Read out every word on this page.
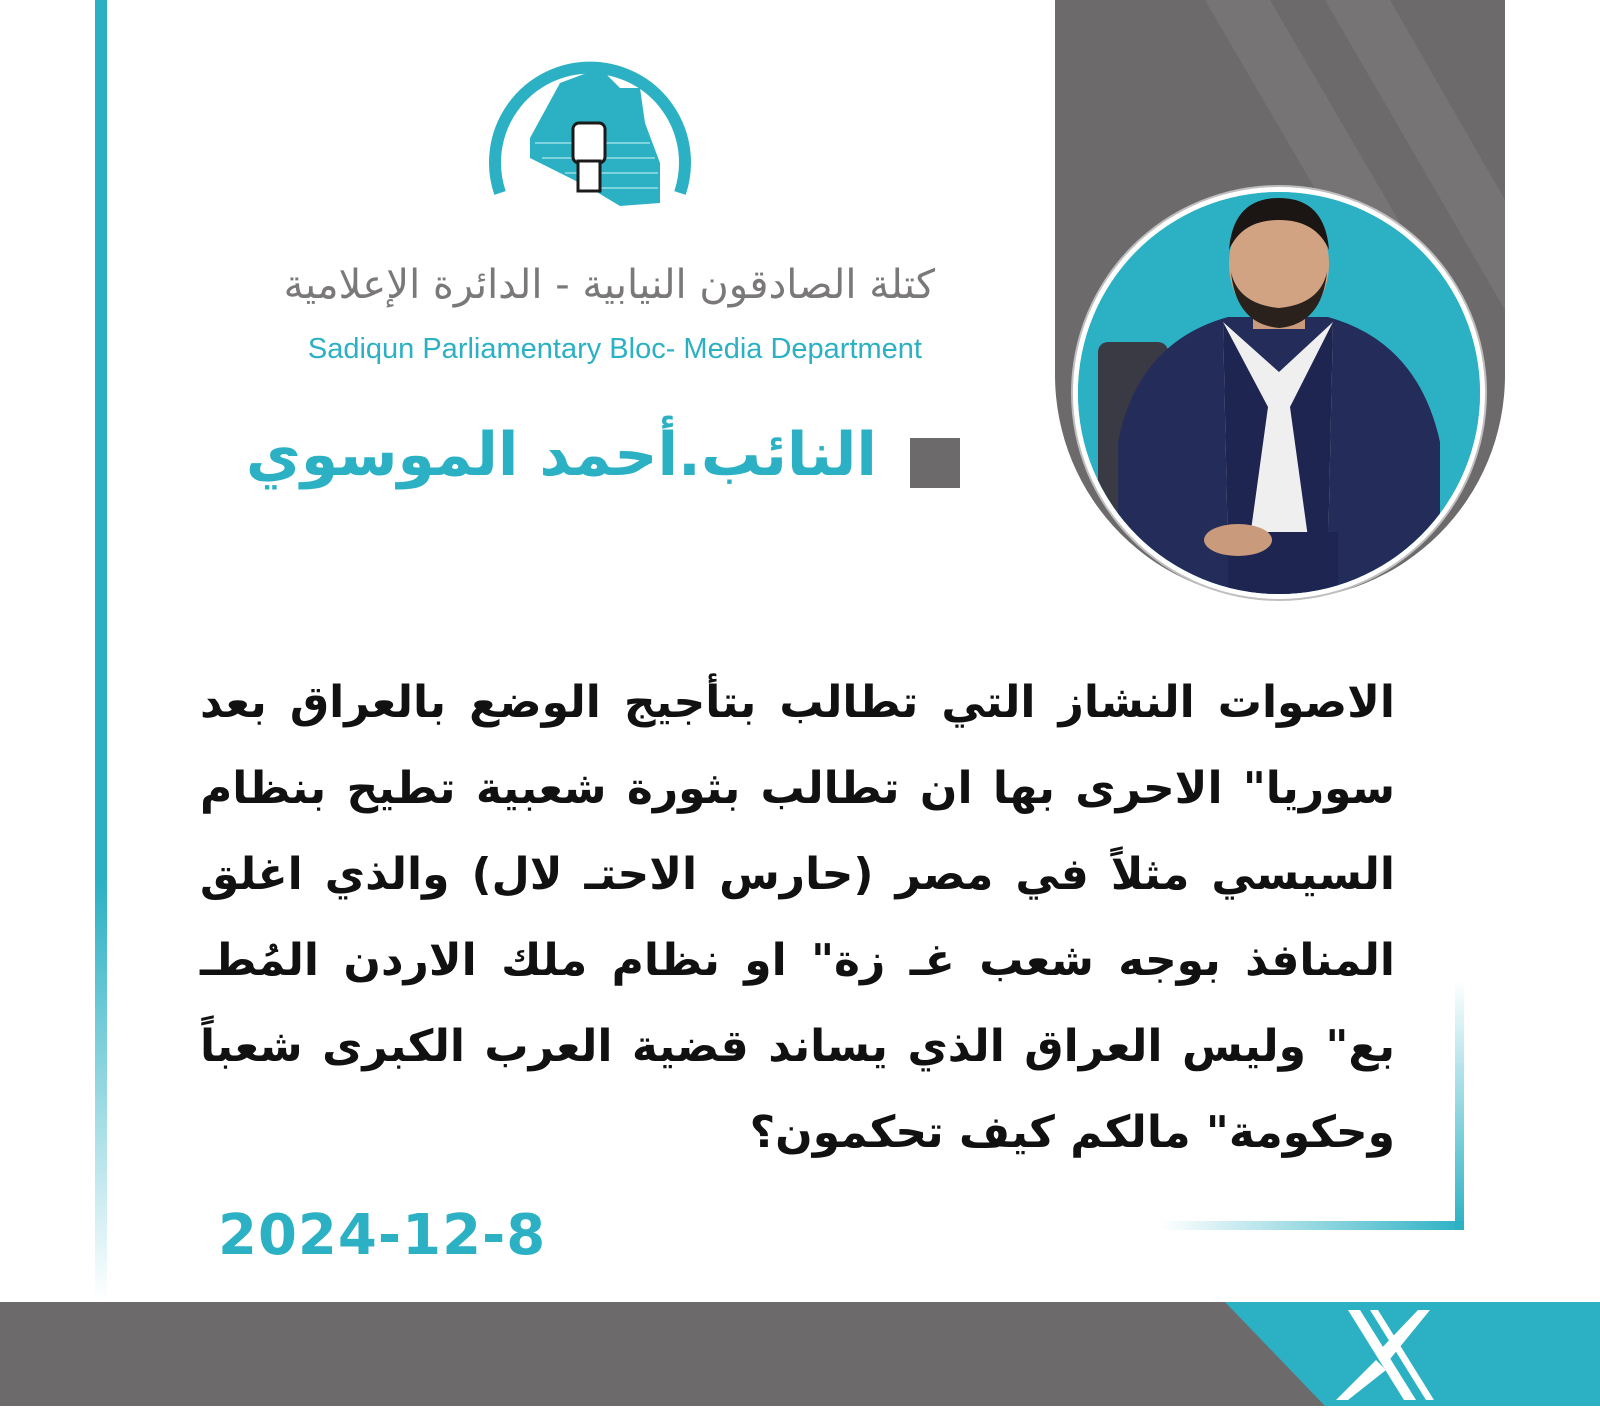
كتلة الصادقون النيابية - الدائرة الإعلامية
Sadiqun Parliamentary Bloc- Media Department
النائب.أحمد الموسوي
الاصوات النشاز التي تطالب بتأجيج الوضع بالعراق بعد سوريا" الاحرى بها ان تطالب بثورة شعبية تطيح بنظام السيسي مثلاً في مصر (حارس الاحتـ لال) والذي اغلق المنافذ بوجه شعب غـ زة" او نظام ملك الاردن المُطـ بع" وليس العراق الذي يساند قضية العرب الكبرى شعباً وحكومة" مالكم كيف تحكمون؟
2024-12-8
